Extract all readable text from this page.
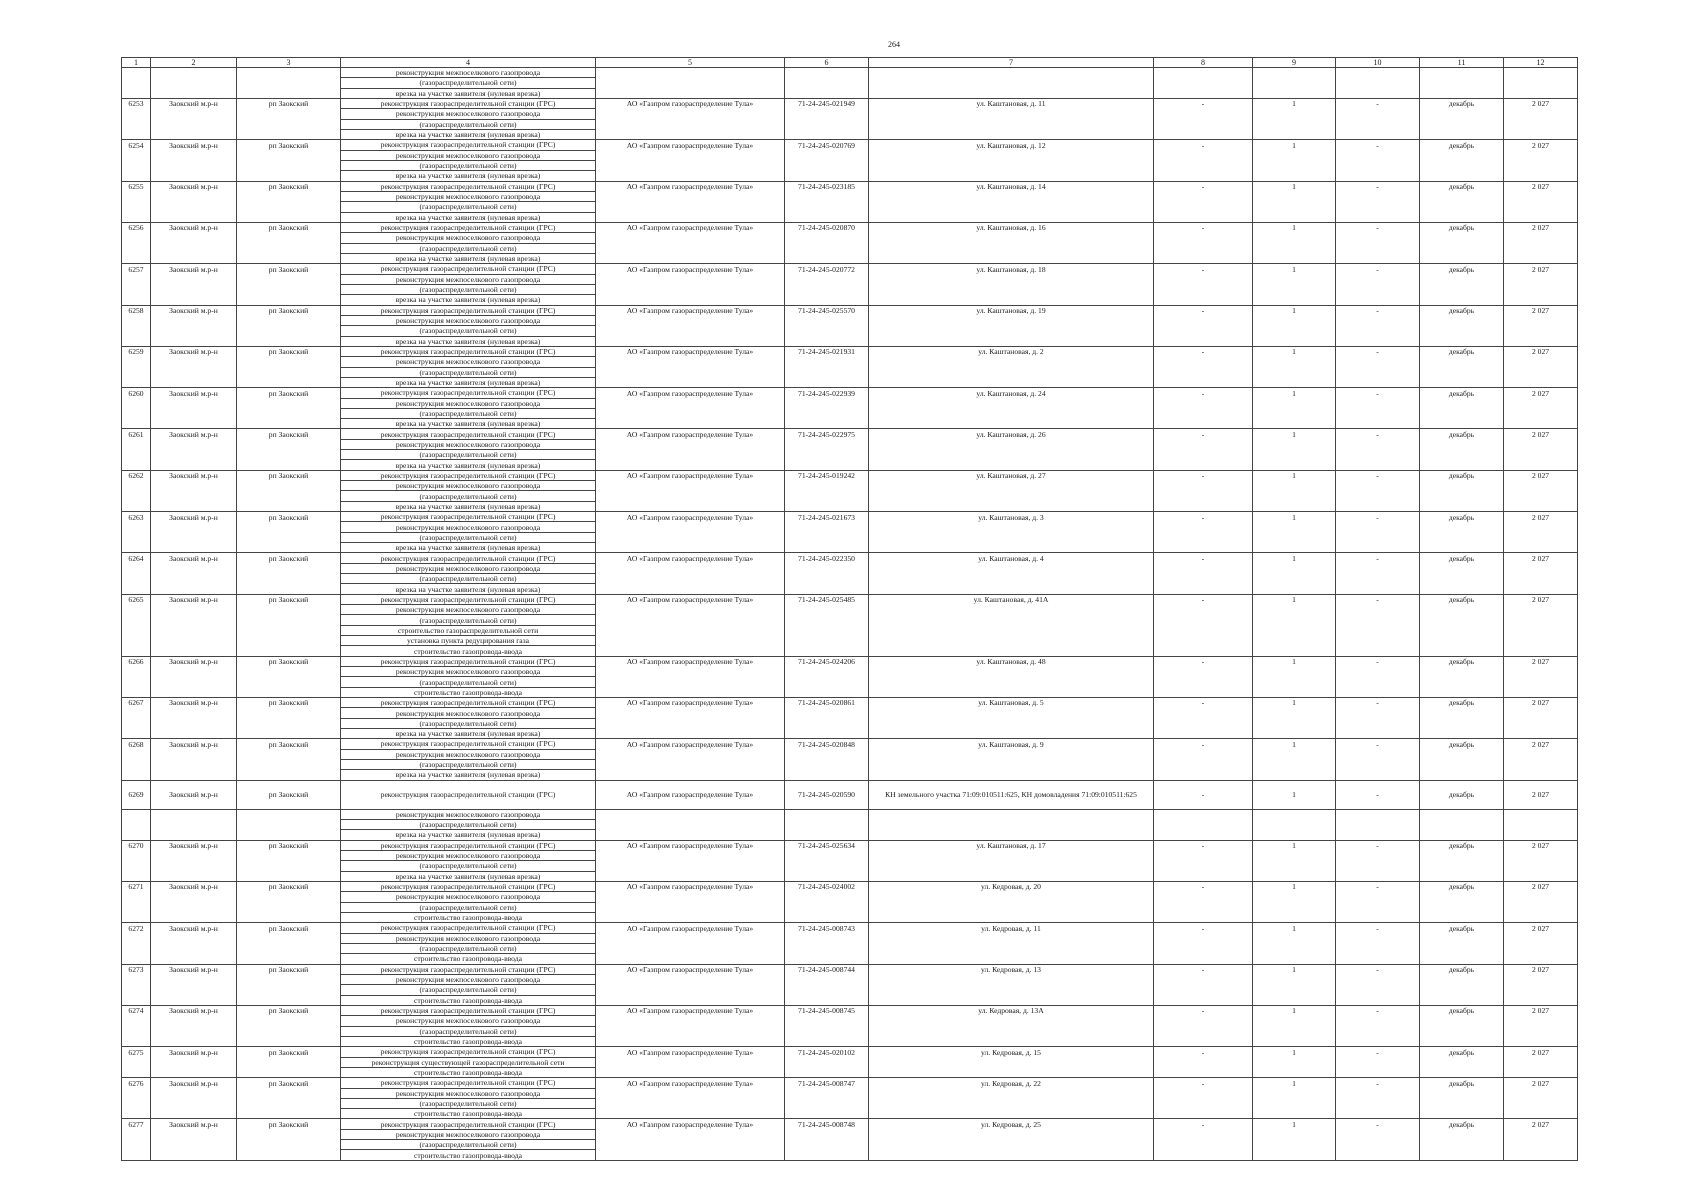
264
1	2	3	4	5	6	7	8	9	10	11	12
			реконструкция межпоселкового газопровода								
			(газораспределительной сети)								
			врезка на участке заявителя (нулевая врезка)								
6253	Заокский м.р-н	рп Заокский	реконструкция газораспределительной станции (ГРС)	АО «Газпром газораспределение Тула»	71-24-245-021949	ул. Каштановая, д. 11	-	1	-	декабрь	2 027
			реконструкция межпоселкового газопровода								
			(газораспределительной сети)								
			врезка на участке заявителя (нулевая врезка)								
6254	Заокский м.р-н	рп Заокский	реконструкция газораспределительной станции (ГРС)	АО «Газпром газораспределение Тула»	71-24-245-020769	ул. Каштановая, д. 12	-	1	-	декабрь	2 027
			реконструкция межпоселкового газопровода								
			(газораспределительной сети)								
			врезка на участке заявителя (нулевая врезка)								
6255	Заокский м.р-н	рп Заокский	реконструкция газораспределительной станции (ГРС)	АО «Газпром газораспределение Тула»	71-24-245-023185	ул. Каштановая, д. 14	-	1	-	декабрь	2 027
			реконструкция межпоселкового газопровода								
			(газораспределительной сети)								
			врезка на участке заявителя (нулевая врезка)								
6256	Заокский м.р-н	рп Заокский	реконструкция газораспределительной станции (ГРС)	АО «Газпром газораспределение Тула»	71-24-245-020870	ул. Каштановая, д. 16	-	1	-	декабрь	2 027
			реконструкция межпоселкового газопровода								
			(газораспределительной сети)								
			врезка на участке заявителя (нулевая врезка)								
6257	Заокский м.р-н	рп Заокский	реконструкция газораспределительной станции (ГРС)	АО «Газпром газораспределение Тула»	71-24-245-020772	ул. Каштановая, д. 18	-	1	-	декабрь	2 027
			реконструкция межпоселкового газопровода								
			(газораспределительной сети)								
			врезка на участке заявителя (нулевая врезка)								
6258	Заокский м.р-н	рп Заокский	реконструкция газораспределительной станции (ГРС)	АО «Газпром газораспределение Тула»	71-24-245-025570	ул. Каштановая, д. 19	-	1	-	декабрь	2 027
			реконструкция межпоселкового газопровода								
			(газораспределительной сети)								
			врезка на участке заявителя (нулевая врезка)								
6259	Заокский м.р-н	рп Заокский	реконструкция газораспределительной станции (ГРС)	АО «Газпром газораспределение Тула»	71-24-245-021931	ул. Каштановая, д. 2	-	1	-	декабрь	2 027
			реконструкция межпоселкового газопровода								
			(газораспределительной сети)								
			врезка на участке заявителя (нулевая врезка)								
6260	Заокский м.р-н	рп Заокский	реконструкция газораспределительной станции (ГРС)	АО «Газпром газораспределение Тула»	71-24-245-022939	ул. Каштановая, д. 24	-	1	-	декабрь	2 027
			реконструкция межпоселкового газопровода								
			(газораспределительной сети)								
			врезка на участке заявителя (нулевая врезка)								
6261	Заокский м.р-н	рп Заокский	реконструкция газораспределительной станции (ГРС)	АО «Газпром газораспределение Тула»	71-24-245-022975	ул. Каштановая, д. 26	-	1	-	декабрь	2 027
			реконструкция межпоселкового газопровода								
			(газораспределительной сети)								
			врезка на участке заявителя (нулевая врезка)								
6262	Заокский м.р-н	рп Заокский	реконструкция газораспределительной станции (ГРС)	АО «Газпром газораспределение Тула»	71-24-245-019242	ул. Каштановая, д. 27	-	1	-	декабрь	2 027
			реконструкция межпоселкового газопровода								
			(газораспределительной сети)								
			врезка на участке заявителя (нулевая врезка)								
6263	Заокский м.р-н	рп Заокский	реконструкция газораспределительной станции (ГРС)	АО «Газпром газораспределение Тула»	71-24-245-021673	ул. Каштановая, д. 3	-	1	-	декабрь	2 027
			реконструкция межпоселкового газопровода								
			(газораспределительной сети)								
			врезка на участке заявителя (нулевая врезка)								
6264	Заокский м.р-н	рп Заокский	реконструкция газораспределительной станции (ГРС)	АО «Газпром газораспределение Тула»	71-24-245-022350	ул. Каштановая, д. 4	-	1	-	декабрь	2 027
			реконструкция межпоселкового газопровода								
			(газораспределительной сети)								
			врезка на участке заявителя (нулевая врезка)								
6265	Заокский м.р-н	рп Заокский	реконструкция газораспределительной станции (ГРС)	АО «Газпром газораспределение Тула»	71-24-245-025485	ул. Каштановая, д. 41А	-	1	-	декабрь	2 027
			реконструкция межпоселкового газопровода								
			(газораспределительной сети)								
			строительство газораспределительной сети								
			установка пункта редуцирования газа								
			строительство газопровода-ввода								
6266	Заокский м.р-н	рп Заокский	реконструкция газораспределительной станции (ГРС)	АО «Газпром газораспределение Тула»	71-24-245-024206	ул. Каштановая, д. 48	-	1	-	декабрь	2 027
			реконструкция межпоселкового газопровода								
			(газораспределительной сети)								
			строительство газопровода-ввода								
6267	Заокский м.р-н	рп Заокский	реконструкция газораспределительной станции (ГРС)	АО «Газпром газораспределение Тула»	71-24-245-020861	ул. Каштановая, д. 5	-	1	-	декабрь	2 027
			реконструкция межпоселкового газопровода								
			(газораспределительной сети)								
			врезка на участке заявителя (нулевая врезка)								
6268	Заокский м.р-н	рп Заокский	реконструкция газораспределительной станции (ГРС)	АО «Газпром газораспределение Тула»	71-24-245-020848	ул. Каштановая, д. 9	-	1	-	декабрь	2 027
			реконструкция межпоселкового газопровода								
			(газораспределительной сети)								
			врезка на участке заявителя (нулевая врезка)								
6269	Заокский м.р-н	рп Заокский	реконструкция газораспределительной станции (ГРС)	АО «Газпром газораспределение Тула»	71-24-245-020590	КН земельного участка 71:09:010511:625, КН домовладения 71:09:010511:625	-	1	-	декабрь	2 027
			реконструкция межпоселкового газопровода								
			(газораспределительной сети)								
			врезка на участке заявителя (нулевая врезка)								
6270	Заокский м.р-н	рп Заокский	реконструкция газораспределительной станции (ГРС)	АО «Газпром газораспределение Тула»	71-24-245-025634	ул. Каштановая, д. 17	-	1	-	декабрь	2 027
			реконструкция межпоселкового газопровода								
			(газораспределительной сети)								
			врезка на участке заявителя (нулевая врезка)								
6271	Заокский м.р-н	рп Заокский	реконструкция газораспределительной станции (ГРС)	АО «Газпром газораспределение Тула»	71-24-245-024002	ул. Кедровая, д. 20	-	1	-	декабрь	2 027
			реконструкция межпоселкового газопровода								
			(газораспределительной сети)								
			строительство газопровода-ввода								
6272	Заокский м.р-н	рп Заокский	реконструкция газораспределительной станции (ГРС)	АО «Газпром газораспределение Тула»	71-24-245-008743	ул. Кедровая, д. 11	-	1	-	декабрь	2 027
			реконструкция межпоселкового газопровода								
			(газораспределительной сети)								
			строительство газопровода-ввода								
6273	Заокский м.р-н	рп Заокский	реконструкция газораспределительной станции (ГРС)	АО «Газпром газораспределение Тула»	71-24-245-008744	ул. Кедровая, д. 13	-	1	-	декабрь	2 027
			реконструкция межпоселкового газопровода								
			(газораспределительной сети)								
			строительство газопровода-ввода								
6274	Заокский м.р-н	рп Заокский	реконструкция газораспределительной станции (ГРС)	АО «Газпром газораспределение Тула»	71-24-245-008745	ул. Кедровая, д. 13А	-	1	-	декабрь	2 027
			реконструкция межпоселкового газопровода								
			(газораспределительной сети)								
			строительство газопровода-ввода								
6275	Заокский м.р-н	рп Заокский	реконструкция газораспределительной станции (ГРС)	АО «Газпром газораспределение Тула»	71-24-245-020102	ул. Кедровая, д. 15	-	1	-	декабрь	2 027
			реконструкция существующей газораспределительной сети								
			строительство газопровода-ввода								
6276	Заокский м.р-н	рп Заокский	реконструкция газораспределительной станции (ГРС)	АО «Газпром газораспределение Тула»	71-24-245-008747	ул. Кедровая, д. 22	-	1	-	декабрь	2 027
			реконструкция межпоселкового газопровода								
			(газораспределительной сети)								
			строительство газопровода-ввода								
6277	Заокский м.р-н	рп Заокский	реконструкция газораспределительной станции (ГРС)	АО «Газпром газораспределение Тула»	71-24-245-008748	ул. Кедровая, д. 25	-	1	-	декабрь	2 027
			реконструкция межпоселкового газопровода								
			(газораспределительной сети)								
			строительство газопровода-ввода								
